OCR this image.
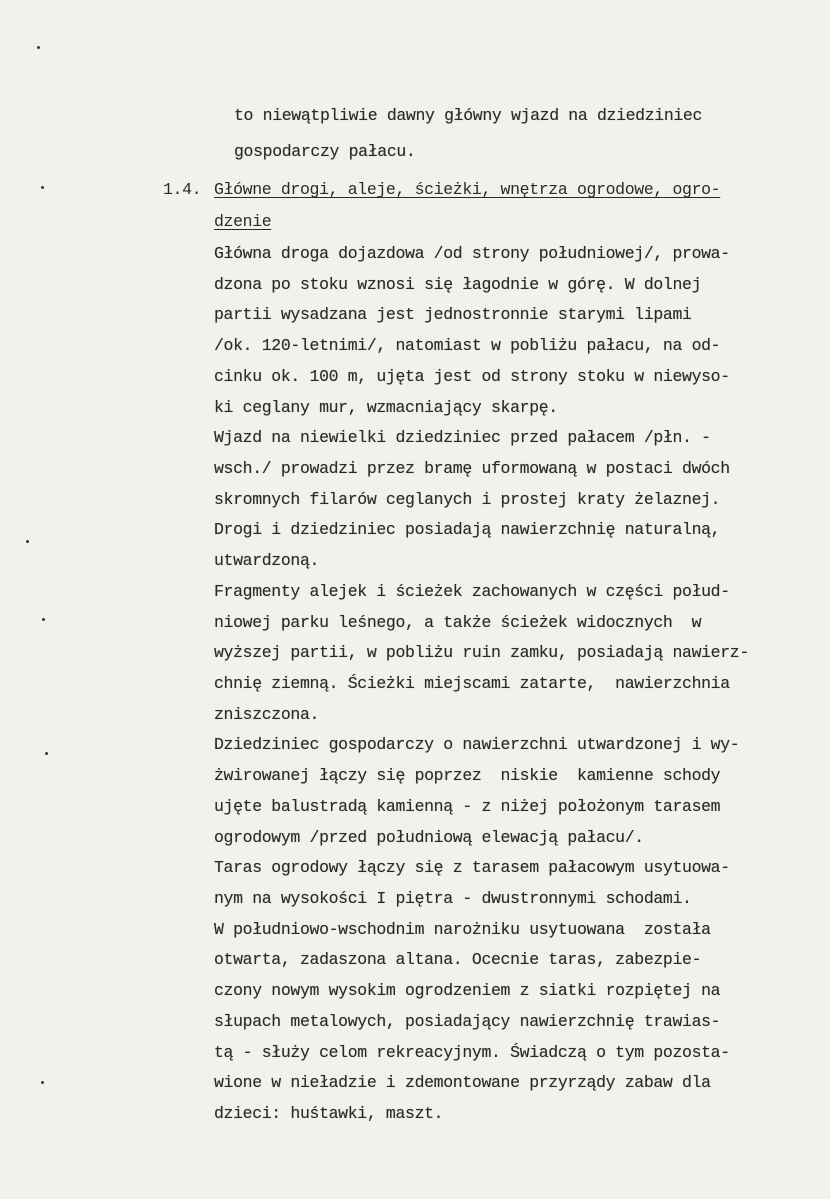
to niewątpliwie dawny główny wjazd na dziedziniec
gospodarczy pałacu.
1.4. Główne drogi, aleje, ścieżki, wnętrza ogrodowe, ogro-
dzenie
Główna droga dojazdowa /od strony południowej/, prowa-
dzona po stoku wznosi się łagodnie w górę. W dolnej
partii wysadzana jest jednostronnie starymi lipami
/ok. 120-letnimi/, natomiast w pobliżu pałacu, na od-
cinku ok. 100 m, ujęta jest od strony stoku w niewyso-
ki ceglany mur, wzmacniający skarpę.
Wjazd na niewielki dziedziniec przed pałacem /płn. -
wsch./ prowadzi przez bramę uformowaną w postaci dwóch
skromnych filarów ceglanych i prostej kraty żelaznej.
Drogi i dziedziniec posiadają nawierzchnię naturalną,
utwardzoną.
Fragmenty alejek i ścieżek zachowanych w części połud-
niowej parku leśnego, a także ścieżek widocznych  w
wyższej partii, w pobliżu ruin zamku, posiadają nawierz-
chnię ziemną. Ścieżki miejscami zatarte,  nawierzchnia
zniszczona.
Dziedziniec gospodarczy o nawierzchni utwardzonej i wy-
żwirowanej łączy się poprzez  niskie  kamienne schody
ujęte balustradą kamienną - z niżej położonym tarasem
ogrodowym /przed południową elewacją pałacu/.
Taras ogrodowy łączy się z tarasem pałacowym usytuowa-
nym na wysokości I piętra - dwustronnymi schodami.
W południowo-wschodnim narożniku usytuowana  została
otwarta, zadaszona altana. Ocecnie taras, zabezpie-
czony nowym wysokim ogrodzeniem z siatki rozpiętej na
słupach metalowych, posiadający nawierzchnię trawias-
tą - służy celom rekreacyjnym. Świadczą o tym pozosta-
wione w nieładzie i zdemontowane przyrządy zabaw dla
dzieci: huśtawki, maszt.
